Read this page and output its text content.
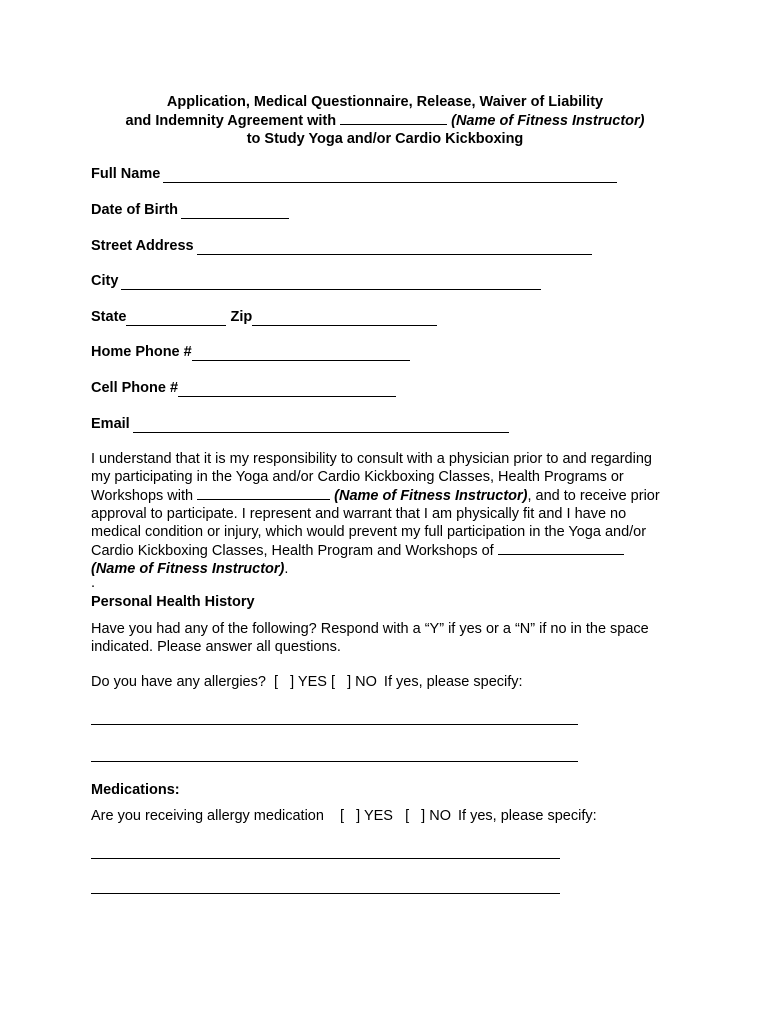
Application, Medical Questionnaire, Release, Waiver of Liability
and Indemnity Agreement with	(Name of Fitness Instructor)
to Study Yoga and/or Cardio Kickboxing
Full Name
Date of Birth
Street Address
City
State	Zip
Home Phone #
Cell Phone #
Email
I understand that it is my responsibility to consult with a physician prior to and regarding
my participating in the Yoga and/or Cardio Kickboxing Classes, Health Programs or
Workshops with	(Name of Fitness Instructor), and to receive prior
approval to participate. I represent and warrant that I am physically fit and I have no
medical condition or injury, which would prevent my full participation in the Yoga and/or
Cardio Kickboxing Classes, Health Program and Workshops of
(Name of Fitness Instructor).
.
Personal Health History
Have you had any of the following? Respond with a “Y” if yes or a “N” if no in the space
indicated. Please answer all questions.
Do you have any allergies?  [   ] YES [   ] NO If yes, please specify:
Medications:
Are you receiving allergy medication    [   ] YES   [   ] NO If yes, please specify:
